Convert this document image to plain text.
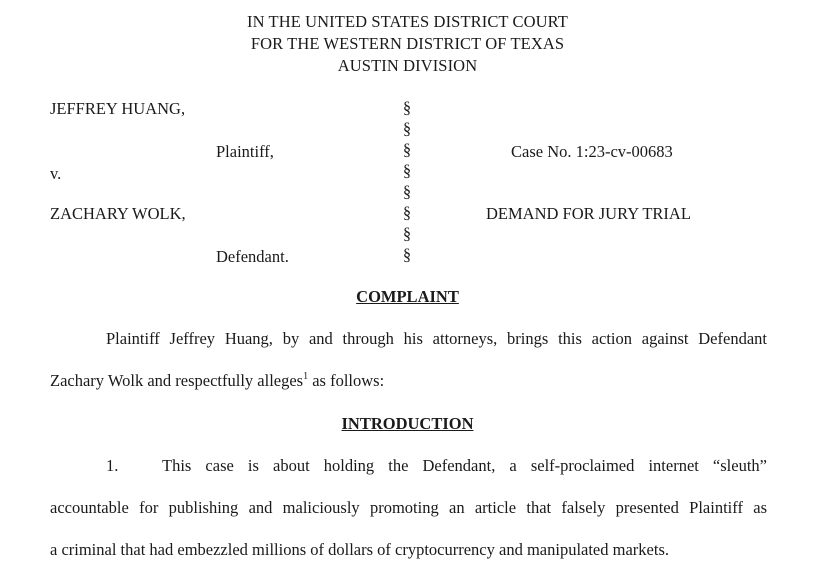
IN THE UNITED STATES DISTRICT COURT
FOR THE WESTERN DISTRICT OF TEXAS
AUSTIN DIVISION
JEFFREY HUANG,
Plaintiff,
v.
ZACHARY WOLK,
Defendant.
§
§
§
§
§
§
§
§
Case No. 1:23-cv-00683
DEMAND FOR JURY TRIAL
COMPLAINT
Plaintiff Jeffrey Huang, by and through his attorneys, brings this action against Defendant
Zachary Wolk and respectfully alleges$^1$ as follows:
INTRODUCTION
1.	This case is about holding the Defendant, a self-proclaimed internet “sleuth”
accountable for publishing and maliciously promoting an article that falsely presented Plaintiff as
a criminal that had embezzled millions of dollars of cryptocurrency and manipulated markets.
